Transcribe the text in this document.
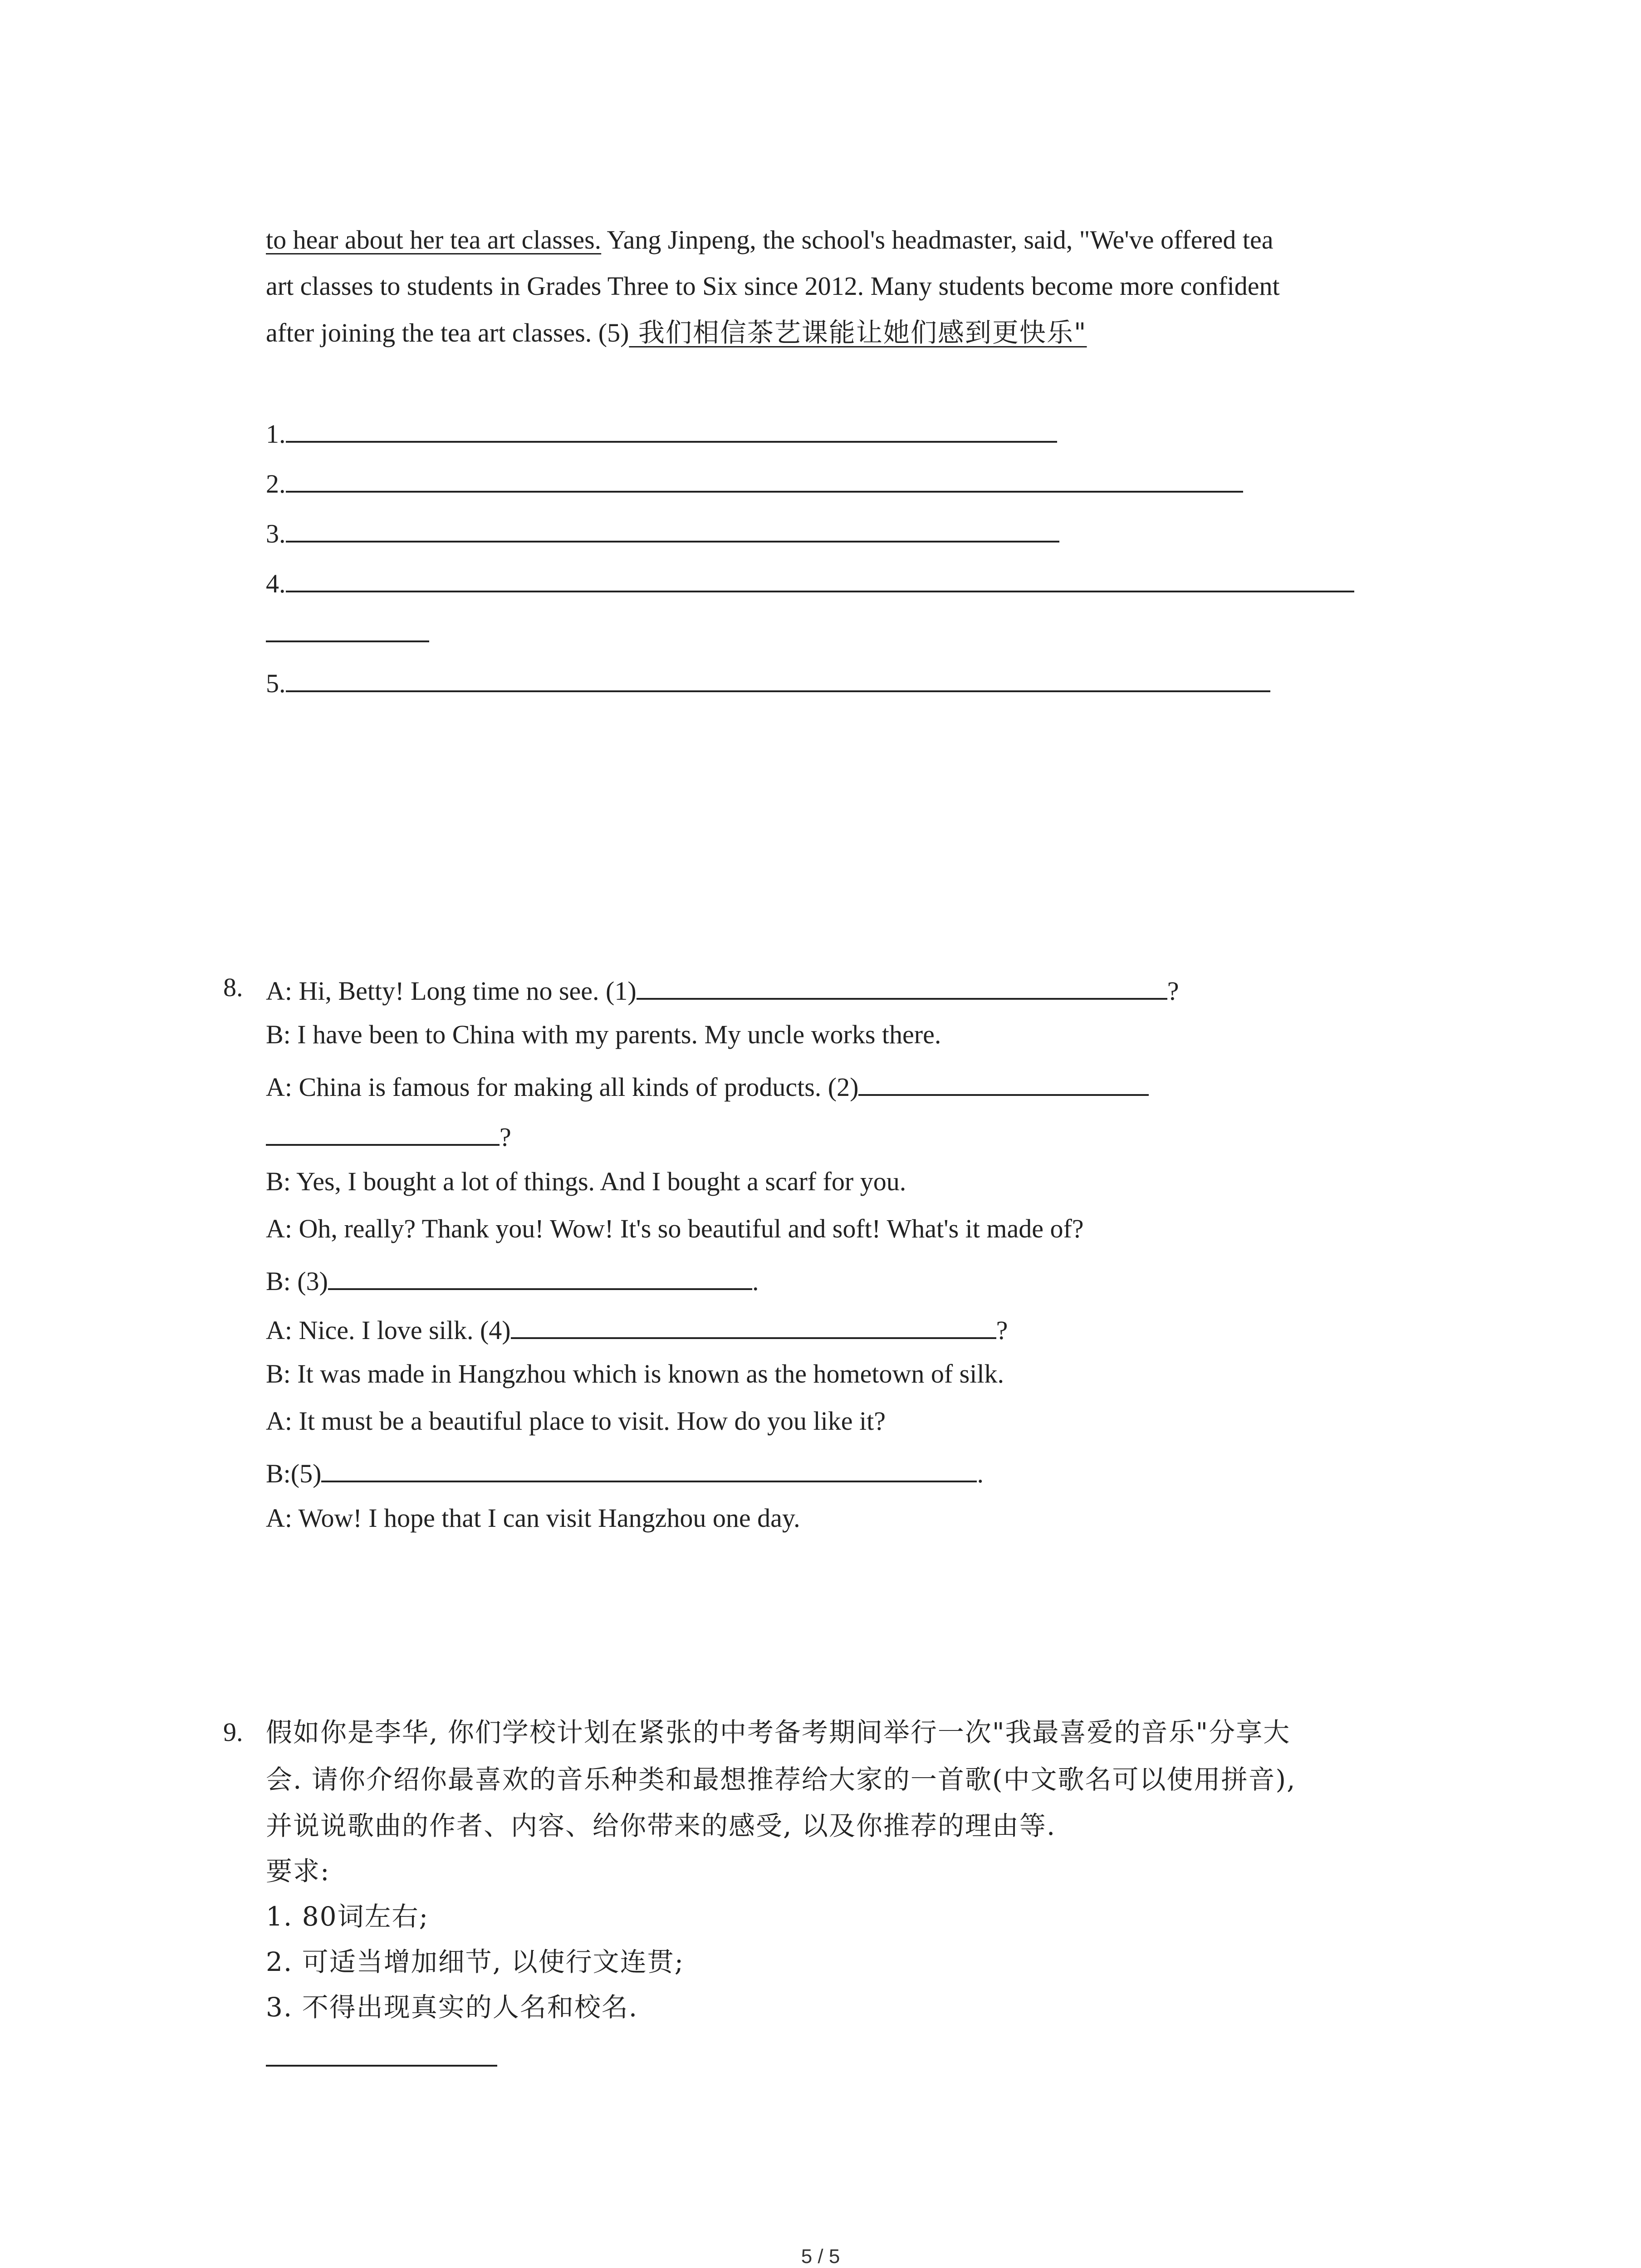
to hear about her tea art classes. Yang Jinpeng, the school's headmaster, said, "We've offered tea
art classes to students in Grades Three to Six since 2012. Many students become more confident
after joining the tea art classes. (5) 我们相信茶艺课能让她们感到更快乐"
1.
2.
3.
4.
5.
8. A: Hi, Betty! Long time no see. (1)	?
B: I have been to China with my parents. My uncle works there.
A: China is famous for making all kinds of products. (2)
?
B: Yes, I bought a lot of things. And I bought a scarf for you.
A: Oh, really? Thank you! Wow! It's so beautiful and soft! What's it made of?
B: (3)	.
A: Nice. I love silk. (4)	?
B: It was made in Hangzhou which is known as the hometown of silk.
A: It must be a beautiful place to visit. How do you like it?
B:(5)	.
A: Wow! I hope that I can visit Hangzhou one day.
9. 假如你是李华, 你们学校计划在紧张的中考备考期间举行一次"我最喜爱的音乐"分享大
会. 请你介绍你最喜欢的音乐种类和最想推荐给大家的一首歌(中文歌名可以使用拼音),
并说说歌曲的作者、内容、给你带来的感受, 以及你推荐的理由等.
要求:
1. 80词左右;
2. 可适当增加细节, 以使行文连贯;
3. 不得出现真实的人名和校名.
5 / 5
